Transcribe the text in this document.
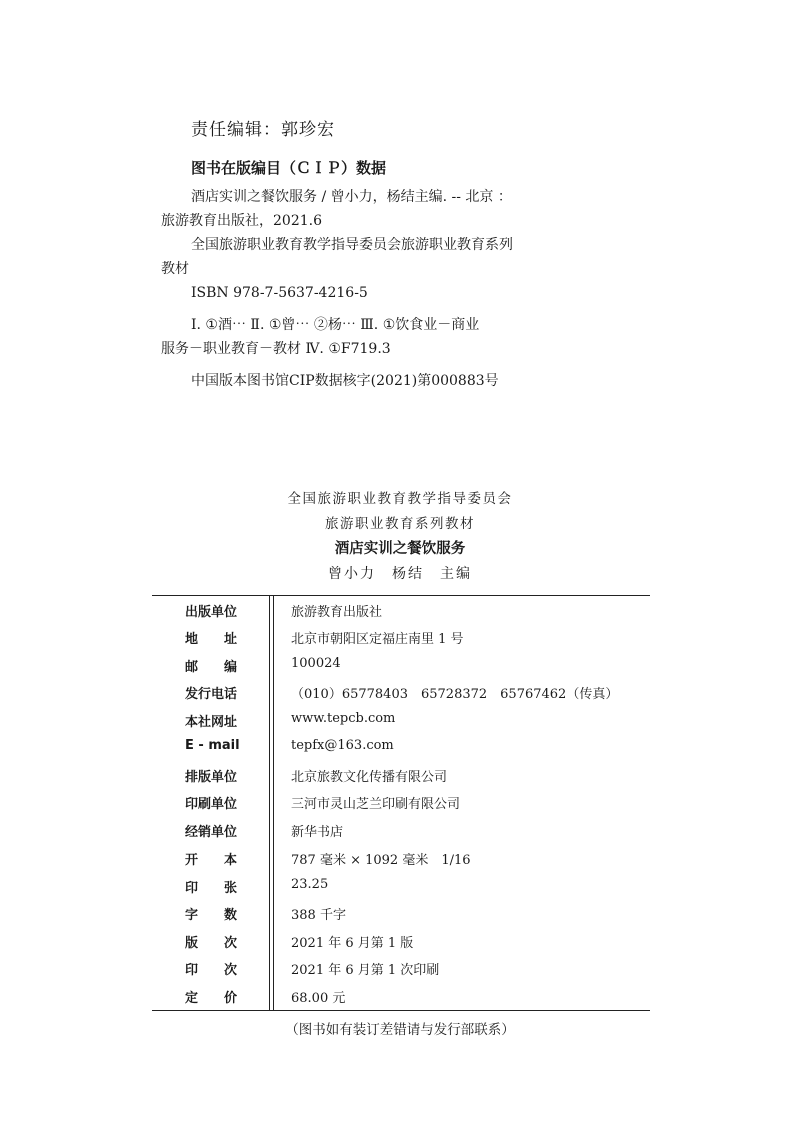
责任编辑：郭珍宏
图书在版编目（ＣＩＰ）数据
酒店实训之餐饮服务 / 曾小力，杨结主编. -- 北京 ：
旅游教育出版社，2021.6
全国旅游职业教育教学指导委员会旅游职业教育系列
教材
ISBN 978-7-5637-4216-5
Ⅰ. ①酒⋯ Ⅱ. ①曾⋯ ②杨⋯ Ⅲ. ①饮食业－商业
服务－职业教育－教材 Ⅳ. ①F719.3
中国版本图书馆CIP数据核字(2021)第000883号
全国旅游职业教育教学指导委员会
旅游职业教育系列教材
酒店实训之餐饮服务
曾小力　杨结　主编
出版单位	旅游教育出版社
地　　址	北京市朝阳区定福庄南里 1 号
邮　　编	100024
发行电话	（010）65778403　65728372　65767462（传真）
本社网址	www.tepcb.com
E - mail	tepfx@163.com
排版单位	北京旅教文化传播有限公司
印刷单位	三河市灵山芝兰印刷有限公司
经销单位	新华书店
开　　本	787 毫米 × 1092 毫米　1/16
印　　张	23.25
字　　数	388 千字
版　　次	2021 年 6 月第 1 版
印　　次	2021 年 6 月第 1 次印刷
定　　价	68.00 元
（图书如有装订差错请与发行部联系）
